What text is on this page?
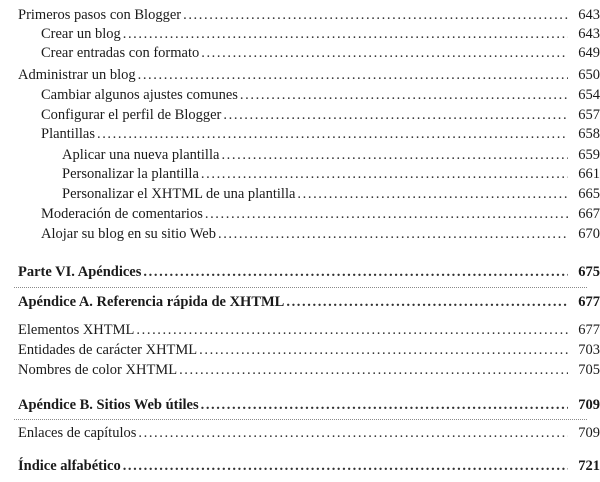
Primeros pasos con Blogger .....	643
Crear un blog .....	643
Crear entradas con formato .....	649
Administrar un blog .....	650
Cambiar algunos ajustes comunes .....	654
Configurar el perfil de Blogger .....	657
Plantillas .....	658
Aplicar una nueva plantilla .....	659
Personalizar la plantilla .....	661
Personalizar el XHTML de una plantilla .....	665
Moderación de comentarios .....	667
Alojar su blog en su sitio Web .....	670
Parte VI. Apéndices .....	675
Apéndice A. Referencia rápida de XHTML .....	677
Elementos XHTML .....	677
Entidades de carácter XHTML .....	703
Nombres de color XHTML .....	705
Apéndice B. Sitios Web útiles .....	709
Enlaces de capítulos .....	709
Índice alfabético .....	721
